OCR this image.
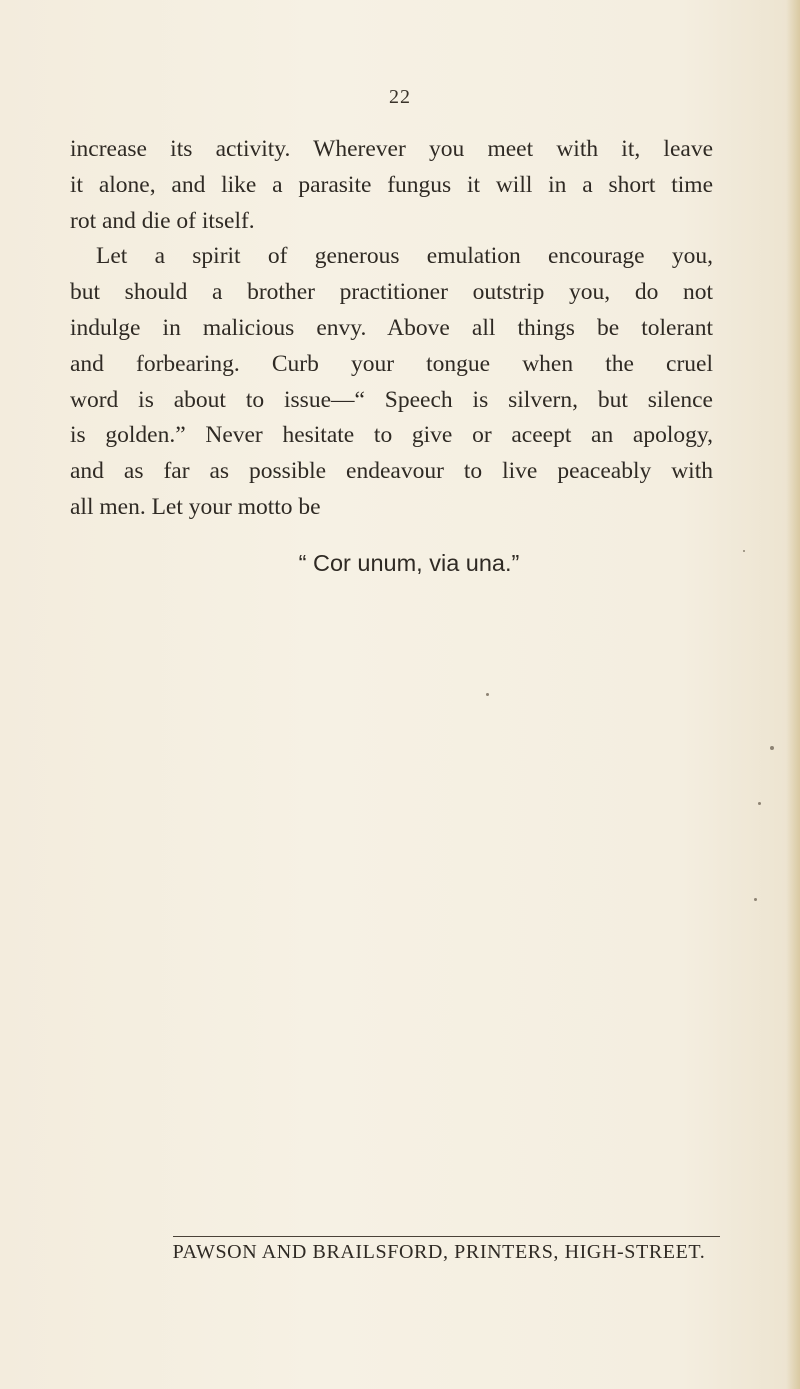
22
increase its activity. Wherever you meet with it, leave
it alone, and like a parasite fungus it will in a short time
rot and die of itself.
Let a spirit of generous emulation encourage you,
but should a brother practitioner outstrip you, do not
indulge in malicious envy. Above all things be tolerant
and forbearing. Curb your tongue when the cruel
word is about to issue—“ Speech is silvern, but silence
is golden.” Never hesitate to give or aceept an apology,
and as far as possible endeavour to live peaceably with
all men. Let your motto be
“ Cor unum, via una.”
PAWSON AND BRAILSFORD, PRINTERS, HIGH-STREET.
